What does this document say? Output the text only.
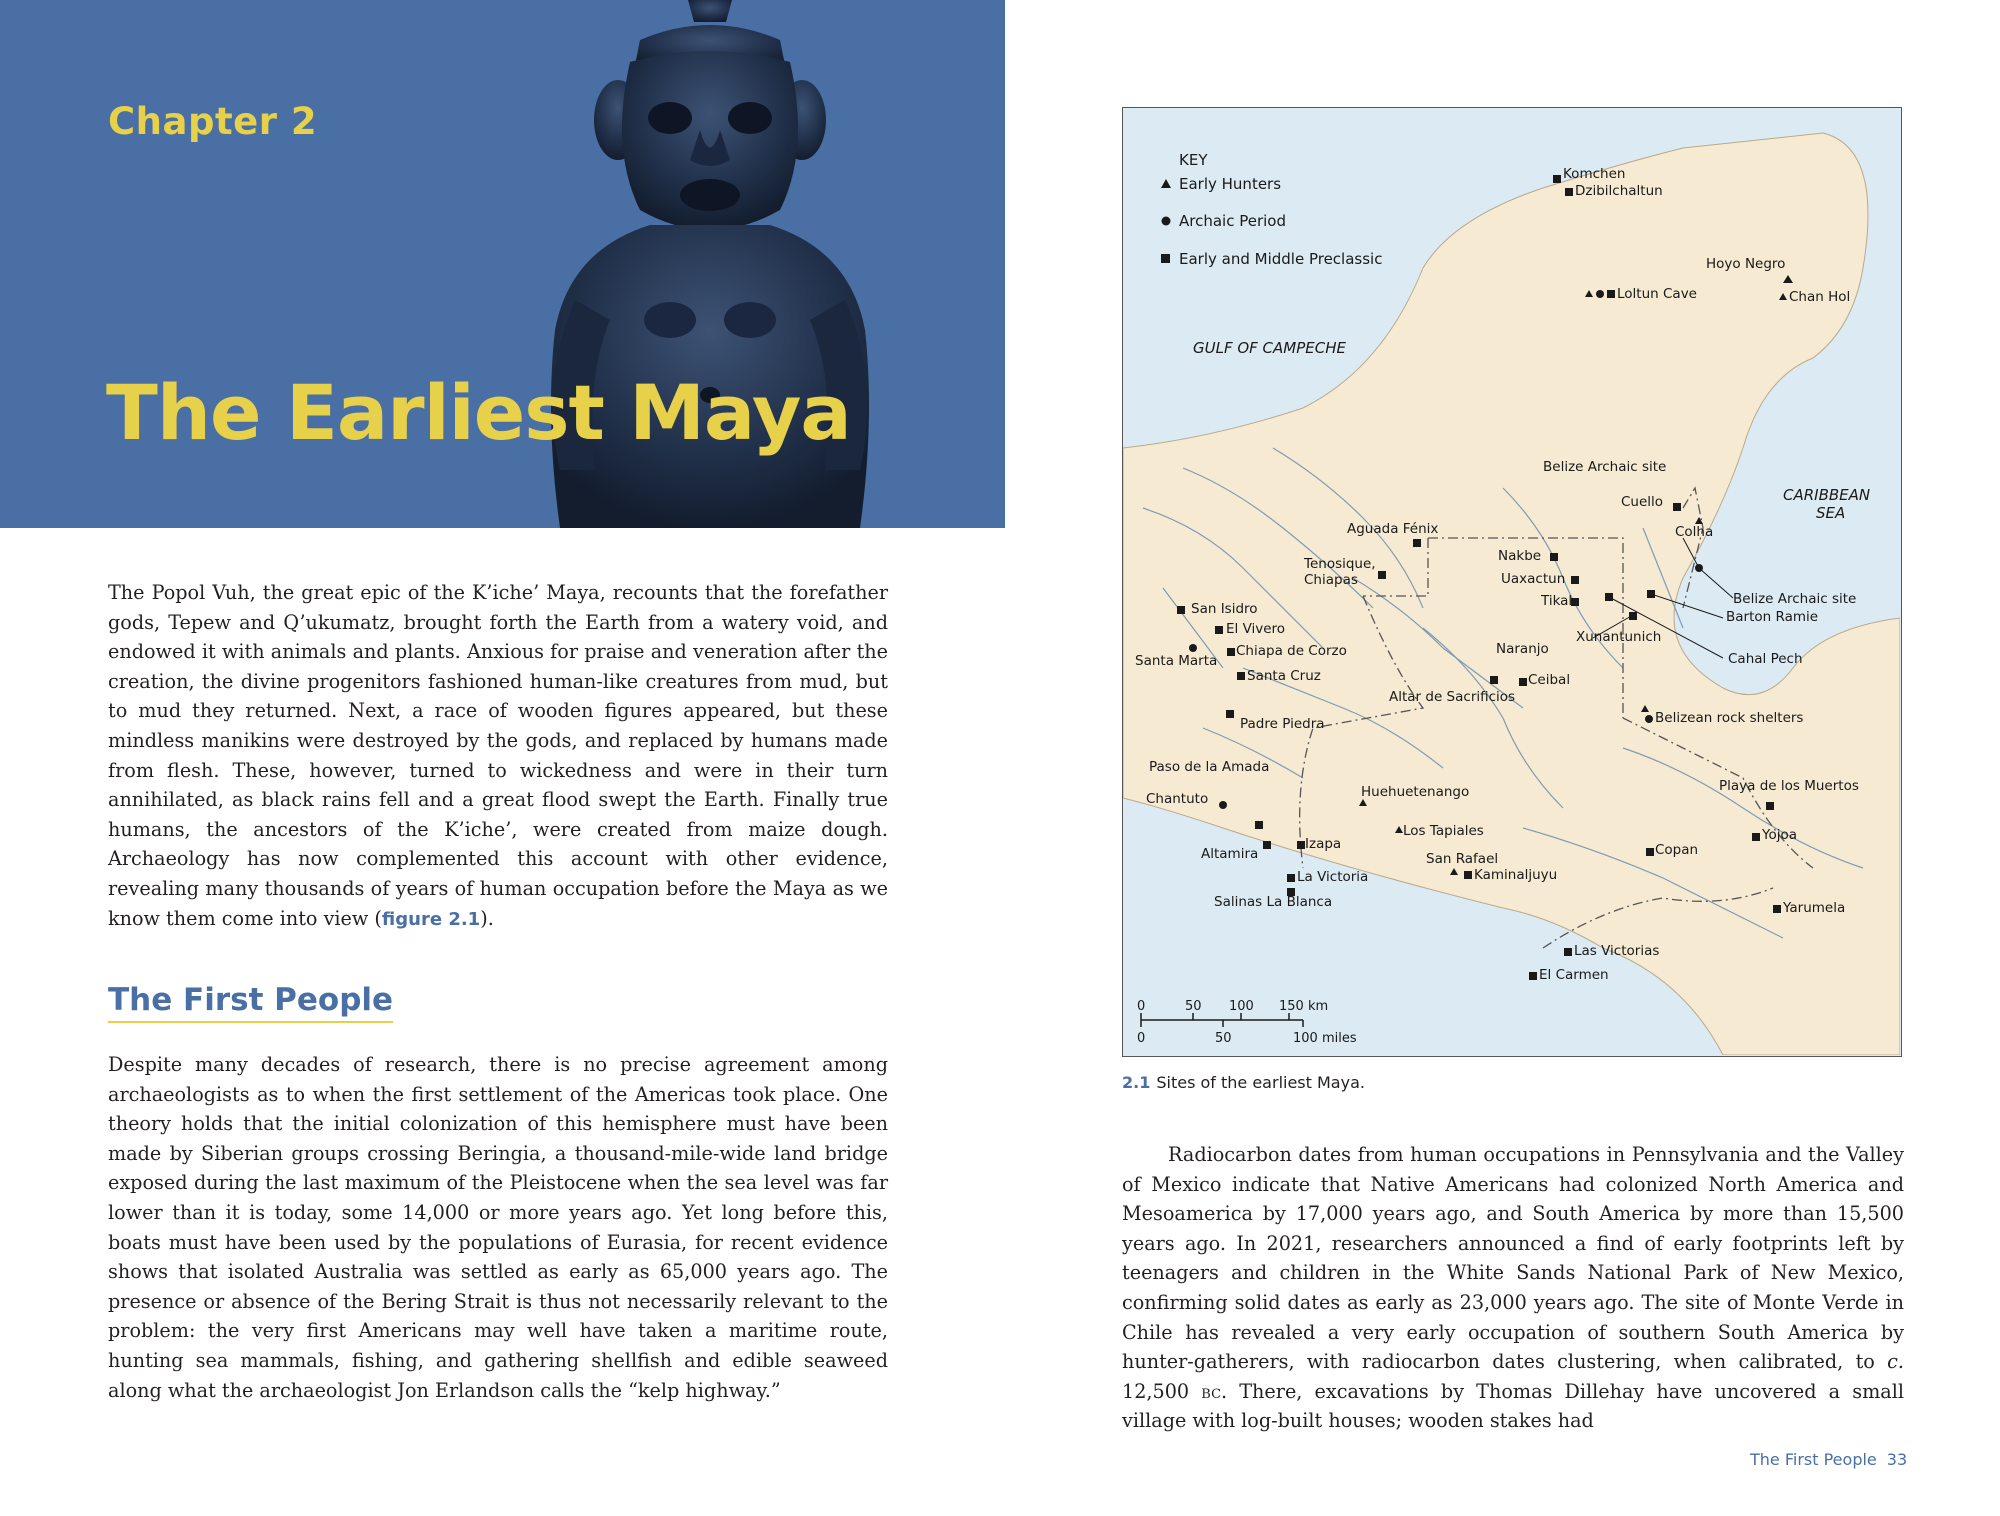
Chapter 2
The Earliest Maya

The Popol Vuh, the great epic of the K’iche’ Maya, recounts that the forefather gods, Tepew and Q’ukumatz, brought forth the Earth from a watery void, and endowed it with animals and plants. Anxious for praise and veneration after the creation, the divine progenitors fashioned human-like creatures from mud, but to mud they returned. Next, a race of wooden figures appeared, but these mindless manikins were destroyed by the gods, and replaced by humans made from flesh. These, however, turned to wickedness and were in their turn annihilated, as black rains fell and a great flood swept the Earth. Finally true humans, the ancestors of the K’iche’, were created from maize dough. Archaeology has now complemented this account with other evidence, revealing many thousands of years of human occupation before the Maya as we know them come into view (figure 2.1).

The First People

Despite many decades of research, there is no precise agreement among archaeologists as to when the first settlement of the Americas took place. One theory holds that the initial colonization of this hemisphere must have been made by Siberian groups crossing Beringia, a thousand-mile-wide land bridge exposed during the last maximum of the Pleistocene when the sea level was far lower than it is today, some 14,000 or more years ago. Yet long before this, boats must have been used by the populations of Eurasia, for recent evidence shows that isolated Australia was settled as early as 65,000 years ago. The presence or absence of the Bering Strait is thus not necessarily relevant to the problem: the very first Americans may well have taken a maritime route, hunting sea mammals, fishing, and gathering shellfish and edible seaweed along what the archaeologist Jon Erlandson calls the “kelp highway.”

KEY
Early Hunters
Archaic Period
Early and Middle Preclassic
GULF OF CAMPECHE
CARIBBEAN
SEA
Komchen
Dzibilchaltun
Hoyo Negro
Loltun Cave	Chan Hol
Belize Archaic site
Cuello
Colha
Aguada Fénix
Nakbe
Tenosique,
Chiapas	Uaxactun
Tikal
San Isidro
Belize Archaic site
Barton Ramie
El Vivero	Xunantunich
Chiapa de Corzo	Naranjo
Santa Marta	Cahal Pech
Santa Cruz	Ceibal
Altar de Sacrificios
Belizean rock shelters
Padre Piedra
Paso de la Amada
Playa de los Muertos
Chantuto	Huehuetenango
Los Tapiales
Izapa	Copan
Yojoa
Altamira	San Rafael
Kaminaljuyu
La Victoria
Salinas La Blanca	Yarumela
Las Victorias
El Carmen
0	50 100 150 km
0	50	100 miles

2.1 Sites of the earliest Maya.

Radiocarbon dates from human occupations in Pennsylvania and the Valley of Mexico indicate that Native Americans had colonized North America and Mesoamerica by 17,000 years ago, and South America by more than 15,500 years ago. In 2021, researchers announced a find of early footprints left by teenagers and children in the White Sands National Park of New Mexico, confirming solid dates as early as 23,000 years ago. The site of Monte Verde in Chile has revealed a very early occupation of southern South America by hunter-gatherers, with radiocarbon dates clustering, when calibrated, to c. 12,500 bc. There, excavations by Thomas Dillehay have uncovered a small village with log-built houses; wooden stakes had

The First People 33
